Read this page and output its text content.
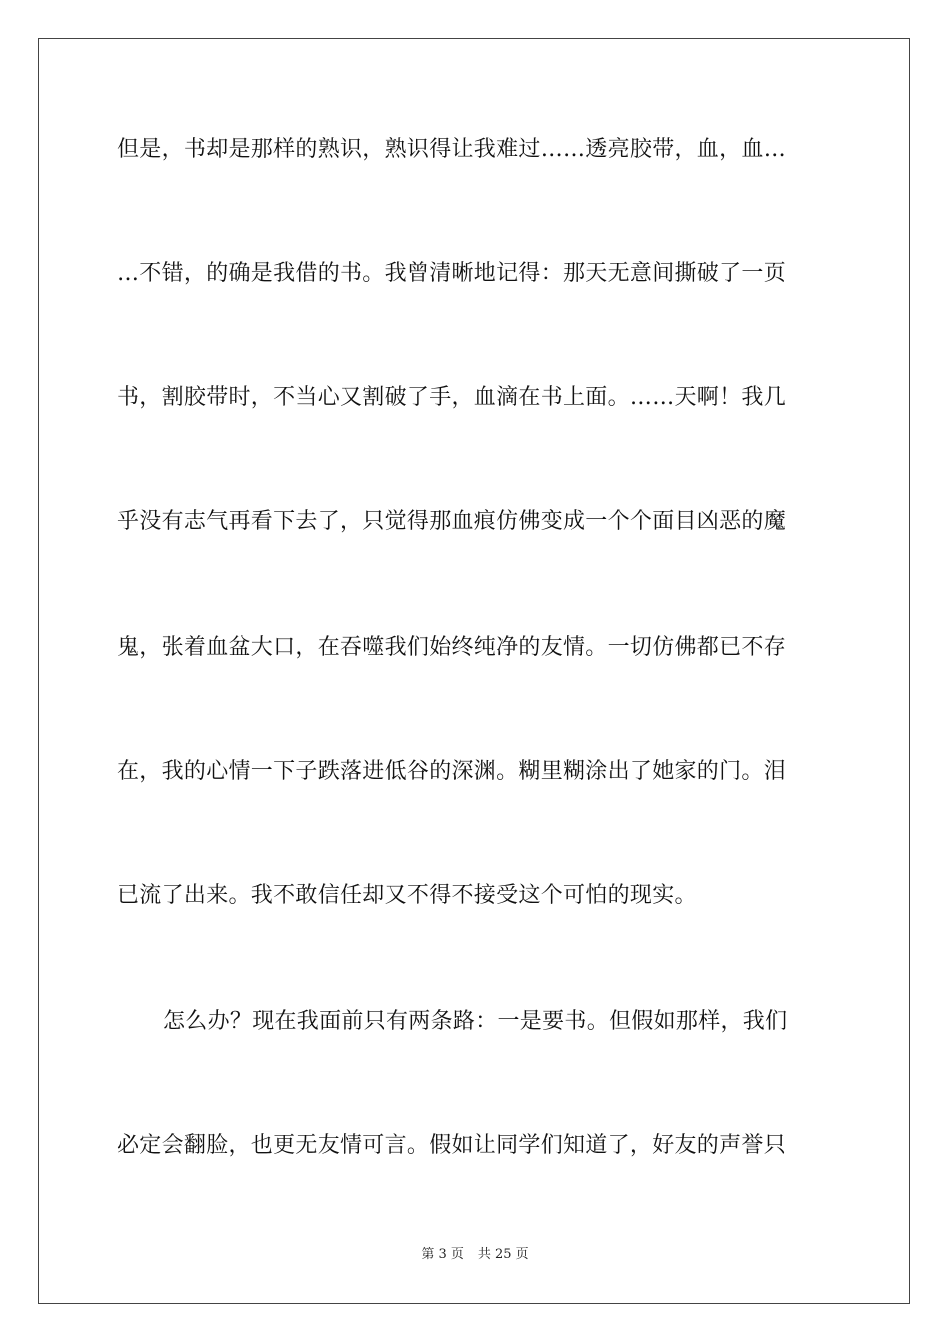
但是，书却是那样的熟识，熟识得让我难过……透亮胶带，血，血…
…不错，的确是我借的书。我曾清晰地记得：那天无意间撕破了一页
书，割胶带时，不当心又割破了手，血滴在书上面。……天啊！我几
乎没有志气再看下去了，只觉得那血痕仿佛变成一个个面目凶恶的魔
鬼，张着血盆大口，在吞噬我们始终纯净的友情。一切仿佛都已不存
在，我的心情一下子跌落进低谷的深渊。糊里糊涂出了她家的门。泪
已流了出来。我不敢信任却又不得不接受这个可怕的现实。
怎么办？现在我面前只有两条路：一是要书。但假如那样，我们
必定会翻脸，也更无友情可言。假如让同学们知道了，好友的声誉只
第 3 页 共 25 页
